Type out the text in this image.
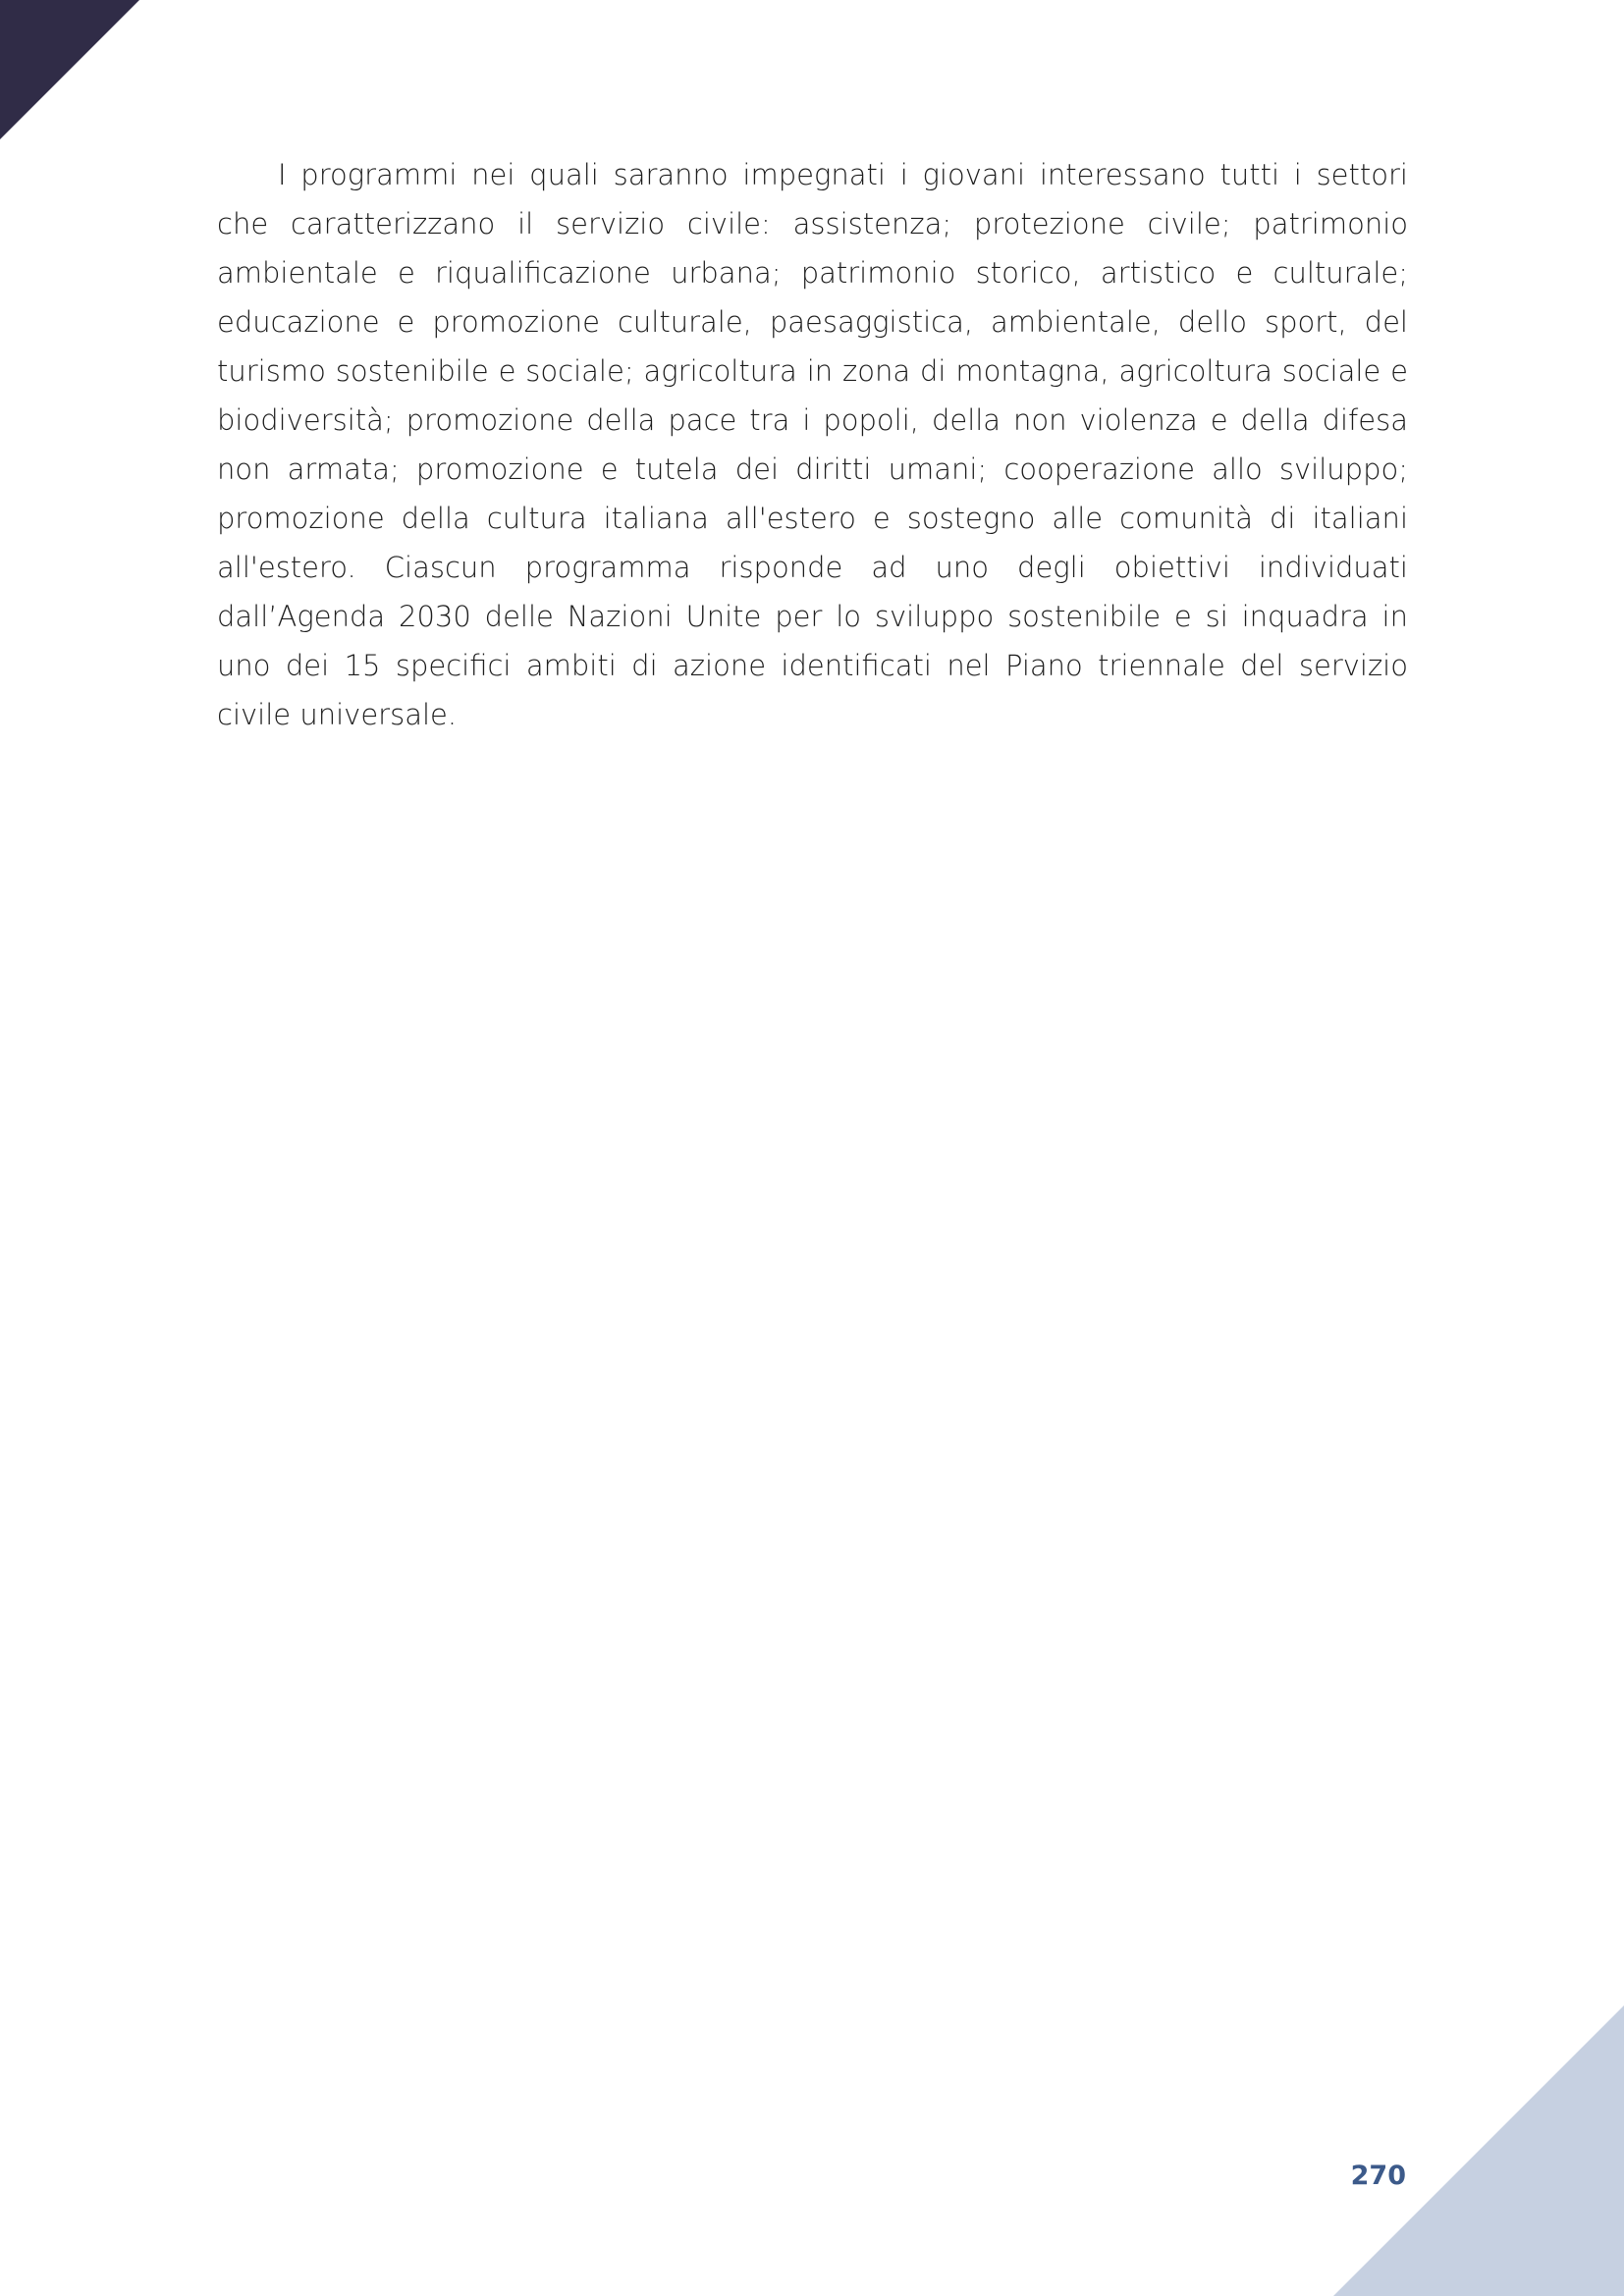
I programmi nei quali saranno impegnati i giovani interessano tutti i settori che caratterizzano il servizio civile: assistenza; protezione civile; patrimonio ambientale e riqualificazione urbana; patrimonio storico, artistico e culturale; educazione e promozione culturale, paesaggistica, ambientale, dello sport, del turismo sostenibile e sociale; agricoltura in zona di montagna, agricoltura sociale e biodiversità; promozione della pace tra i popoli, della non violenza e della difesa non armata; promozione e tutela dei diritti umani; cooperazione allo sviluppo; promozione della cultura italiana all'estero e sostegno alle comunità di italiani all'estero. Ciascun programma risponde ad uno degli obiettivi individuati dall’Agenda 2030 delle Nazioni Unite per lo sviluppo sostenibile e si inquadra in uno dei 15 specifici ambiti di azione identificati nel Piano triennale del servizio civile universale.

270
